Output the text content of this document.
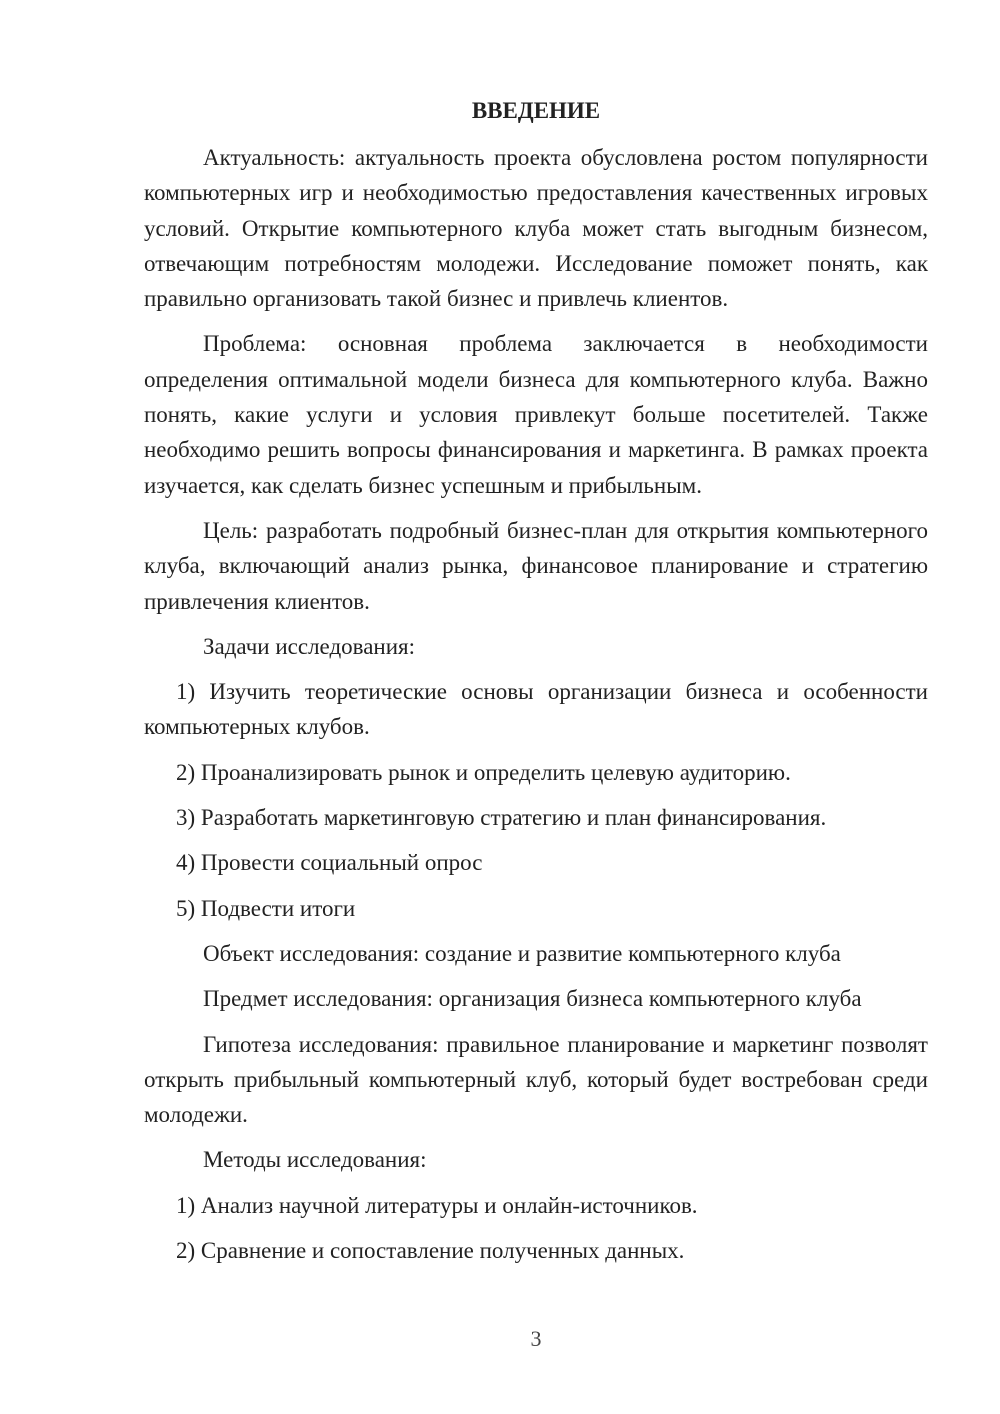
ВВЕДЕНИЕ

Актуальность: актуальность проекта обусловлена ростом популярности компьютерных игр и необходимостью предоставления качественных игровых условий. Открытие компьютерного клуба может стать выгодным бизнесом, отвечающим потребностям молодежи. Исследование поможет понять, как правильно организовать такой бизнес и привлечь клиентов.

Проблема: основная проблема заключается в необходимости определения оптимальной модели бизнеса для компьютерного клуба. Важно понять, какие услуги и условия привлекут больше посетителей. Также необходимо решить вопросы финансирования и маркетинга. В рамках проекта изучается, как сделать бизнес успешным и прибыльным.

Цель: разработать подробный бизнес-план для открытия компьютерного клуба, включающий анализ рынка, финансовое планирование и стратегию привлечения клиентов.

Задачи исследования:

1) Изучить теоретические основы организации бизнеса и особенности компьютерных клубов.

2) Проанализировать рынок и определить целевую аудиторию.

3) Разработать маркетинговую стратегию и план финансирования.

4) Провести социальный опрос

5) Подвести итоги

Объект исследования: создание и развитие компьютерного клуба

Предмет исследования: организация бизнеса компьютерного клуба

Гипотеза исследования: правильное планирование и маркетинг позволят открыть прибыльный компьютерный клуб, который будет востребован среди молодежи.

Методы исследования:

1) Анализ научной литературы и онлайн-источников.

2) Сравнение и сопоставление полученных данных.

3
